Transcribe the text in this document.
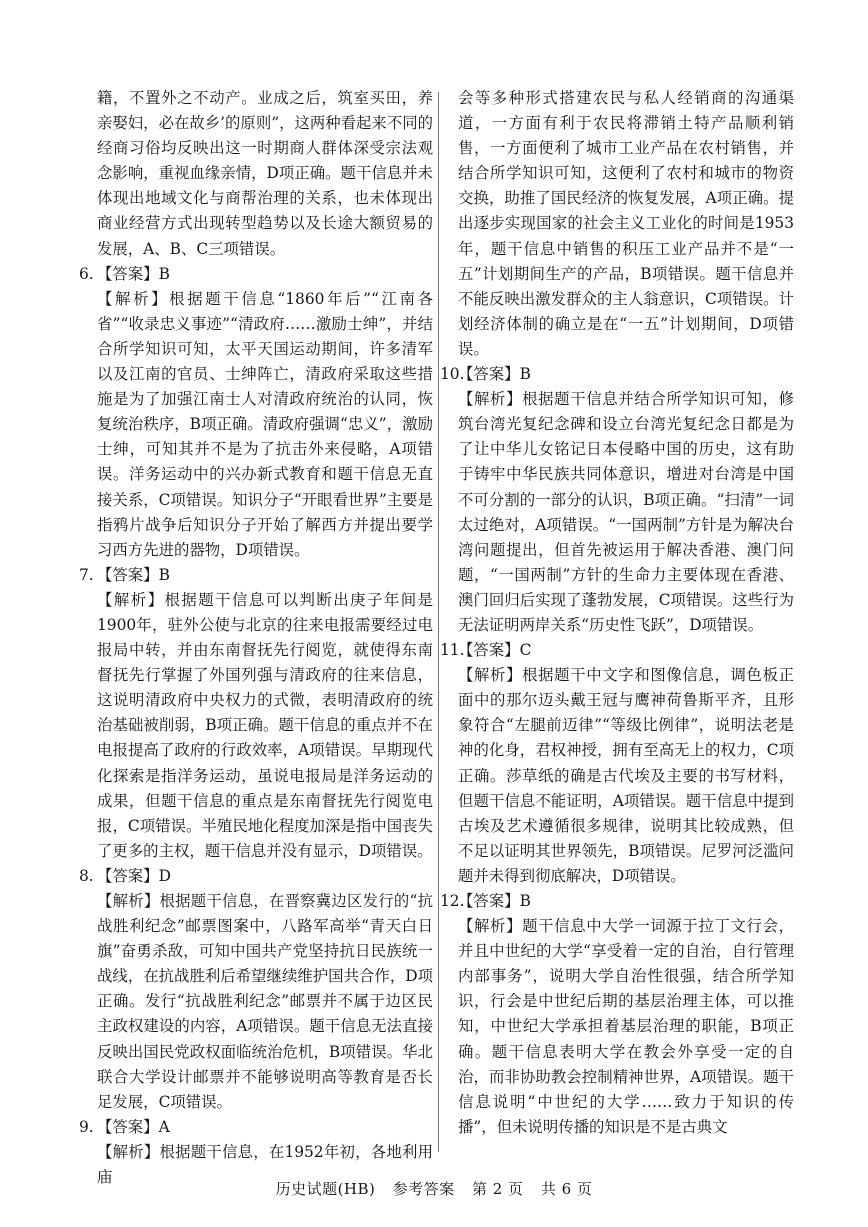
籍，不置外之不动产。业成之后，筑室买田，养亲娶妇，必在故乡’的原则”，这两种看起来不同的经商习俗均反映出这一时期商人群体深受宗法观念影响，重视血缘亲情，D项正确。题干信息并未体现出地域文化与商帮治理的关系，也未体现出商业经营方式出现转型趋势以及长途大额贸易的发展，A、B、C三项错误。

6. 【答案】B

【解析】根据题干信息“1860年后”“江南各省”“收录忠义事迹”“清政府……激励士绅”，并结合所学知识可知，太平天国运动期间，许多清军以及江南的官员、士绅阵亡，清政府采取这些措施是为了加强江南士人对清政府统治的认同，恢复统治秩序，B项正确。清政府强调“忠义”，激励士绅，可知其并不是为了抗击外来侵略，A项错误。洋务运动中的兴办新式教育和题干信息无直接关系，C项错误。知识分子“开眼看世界”主要是指鸦片战争后知识分子开始了解西方并提出要学习西方先进的器物，D项错误。

7. 【答案】B

【解析】根据题干信息可以判断出庚子年间是1900年，驻外公使与北京的往来电报需要经过电报局中转，并由东南督抚先行阅览，就使得东南督抚先行掌握了外国列强与清政府的往来信息，这说明清政府中央权力的式微，表明清政府的统治基础被削弱，B项正确。题干信息的重点并不在电报提高了政府的行政效率，A项错误。早期现代化探索是指洋务运动，虽说电报局是洋务运动的成果，但题干信息的重点是东南督抚先行阅览电报，C项错误。半殖民地化程度加深是指中国丧失了更多的主权，题干信息并没有显示，D项错误。

8. 【答案】D

【解析】根据题干信息，在晋察冀边区发行的“抗战胜利纪念”邮票图案中，八路军高举“青天白日旗”奋勇杀敌，可知中国共产党坚持抗日民族统一战线，在抗战胜利后希望继续维护国共合作，D项正确。发行“抗战胜利纪念”邮票并不属于边区民主政权建设的内容，A项错误。题干信息无法直接反映出国民党政权面临统治危机，B项错误。华北联合大学设计邮票并不能够说明高等教育是否长足发展，C项错误。

9. 【答案】A

【解析】根据题干信息，在1952年初，各地利用庙

会等多种形式搭建农民与私人经销商的沟通渠道，一方面有利于农民将滞销土特产品顺利销售，一方面便利了城市工业产品在农村销售，并结合所学知识可知，这便利了农村和城市的物资交换，助推了国民经济的恢复发展，A项正确。提出逐步实现国家的社会主义工业化的时间是1953年，题干信息中销售的积压工业产品并不是“一五”计划期间生产的产品，B项错误。题干信息并不能反映出激发群众的主人翁意识，C项错误。计划经济体制的确立是在“一五”计划期间，D项错误。

10.【答案】B

【解析】根据题干信息并结合所学知识可知，修筑台湾光复纪念碑和设立台湾光复纪念日都是为了让中华儿女铭记日本侵略中国的历史，这有助于铸牢中华民族共同体意识，增进对台湾是中国不可分割的一部分的认识，B项正确。“扫清”一词太过绝对，A项错误。“一国两制”方针是为解决台湾问题提出，但首先被运用于解决香港、澳门问题，“一国两制”方针的生命力主要体现在香港、澳门回归后实现了蓬勃发展，C项错误。这些行为无法证明两岸关系“历史性飞跃”，D项错误。

11.【答案】C

【解析】根据题干中文字和图像信息，调色板正面中的那尔迈头戴王冠与鹰神荷鲁斯平齐，且形象符合“左腿前迈律”“等级比例律”，说明法老是神的化身，君权神授，拥有至高无上的权力，C项正确。莎草纸的确是古代埃及主要的书写材料，但题干信息不能证明，A项错误。题干信息中提到古埃及艺术遵循很多规律，说明其比较成熟，但不足以证明其世界领先，B项错误。尼罗河泛滥问题并未得到彻底解决，D项错误。

12.【答案】B

【解析】题干信息中大学一词源于拉丁文行会，并且中世纪的大学“享受着一定的自治，自行管理内部事务”，说明大学自治性很强，结合所学知识，行会是中世纪后期的基层治理主体，可以推知，中世纪大学承担着基层治理的职能，B项正确。题干信息表明大学在教会外享受一定的自治，而非协助教会控制精神世界，A项错误。题干信息说明“中世纪的大学……致力于知识的传播”，但未说明传播的知识是不是古典文

历史试题(HB) 参考答案 第 2 页 共 6 页
